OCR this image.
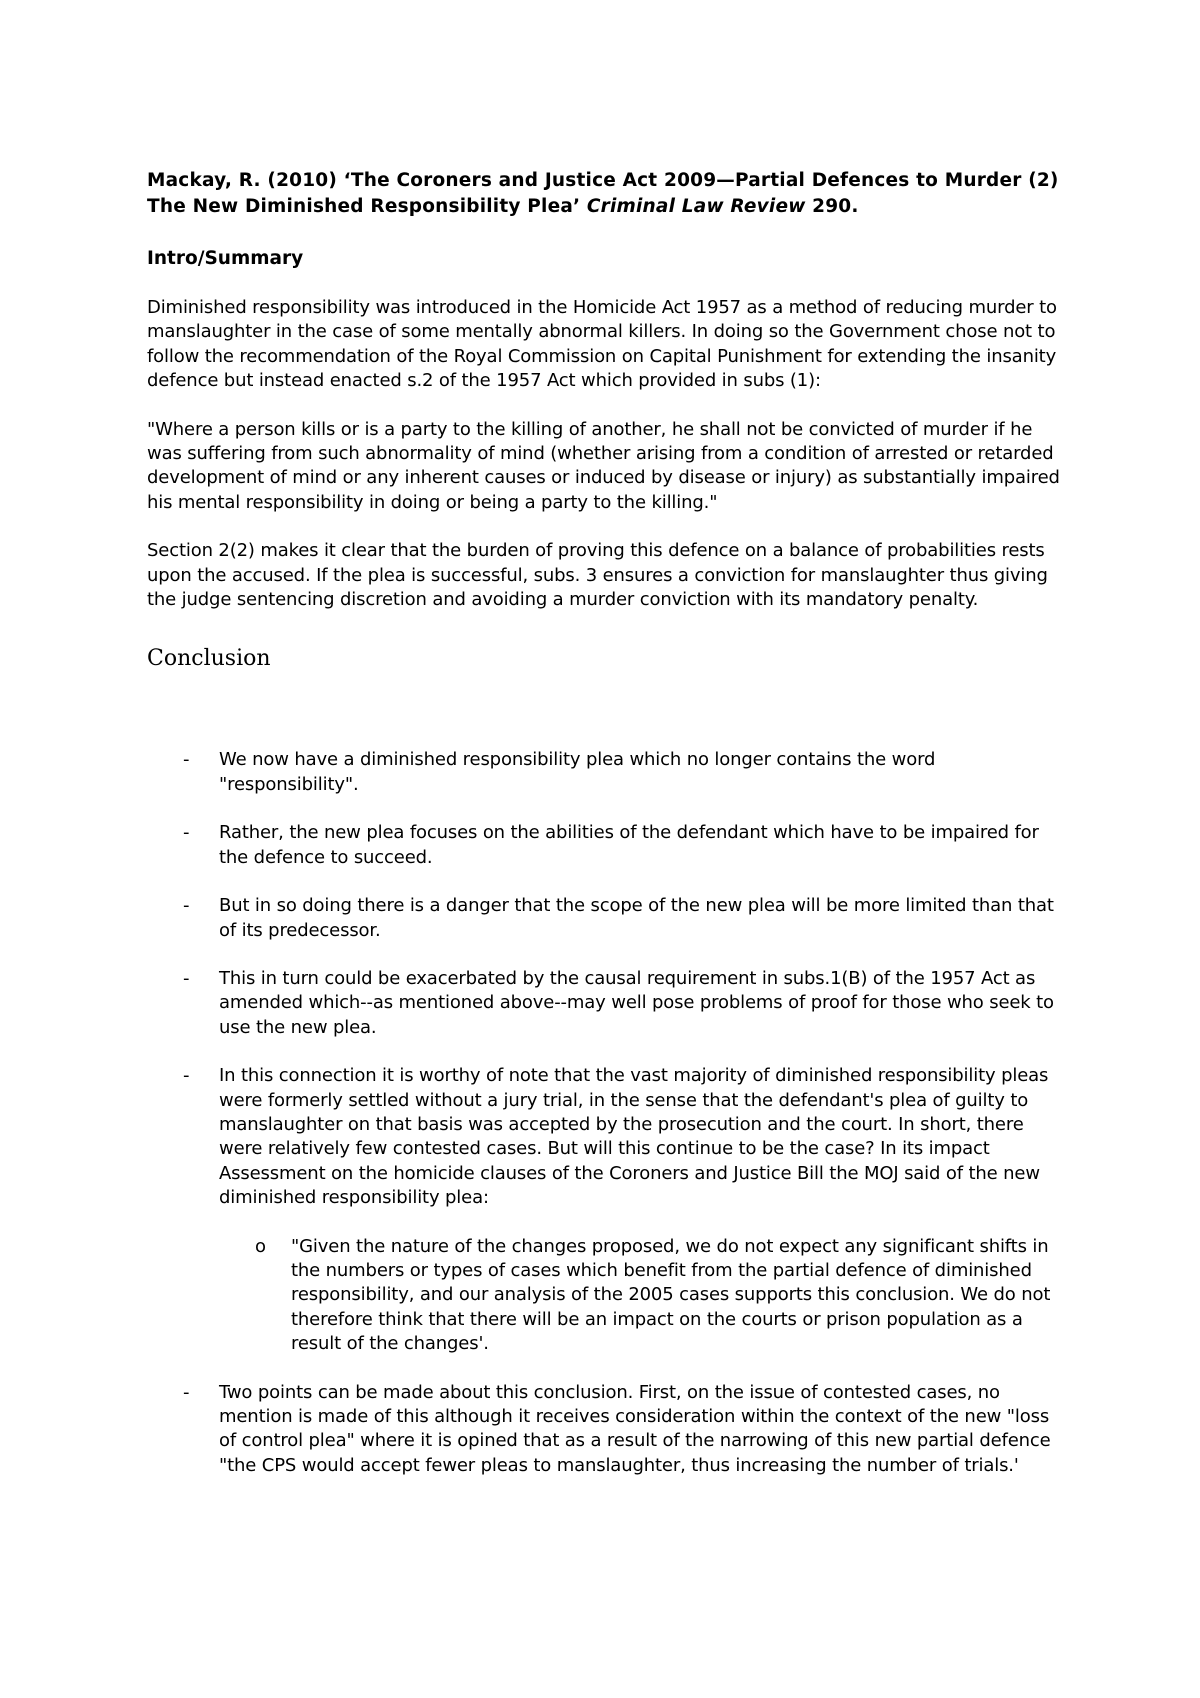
Mackay, R. (2010) ‘The Coroners and Justice Act 2009—Partial Defences to Murder (2) The New Diminished Responsibility Plea’ Criminal Law Review 290.

Intro/Summary

Diminished responsibility was introduced in the Homicide Act 1957 as a method of reducing murder to manslaughter in the case of some mentally abnormal killers. In doing so the Government chose not to follow the recommendation of the Royal Commission on Capital Punishment for extending the insanity defence but instead enacted s.2 of the 1957 Act which provided in subs (1):

"Where a person kills or is a party to the killing of another, he shall not be convicted of murder if he was suffering from such abnormality of mind (whether arising from a condition of arrested or retarded development of mind or any inherent causes or induced by disease or injury) as substantially impaired his mental responsibility in doing or being a party to the killing."

Section 2(2) makes it clear that the burden of proving this defence on a balance of probabilities rests upon the accused. If the plea is successful, subs. 3 ensures a conviction for manslaughter thus giving the judge sentencing discretion and avoiding a murder conviction with its mandatory penalty.

Conclusion
- We now have a diminished responsibility plea which no longer contains the word "responsibility".
- Rather, the new plea focuses on the abilities of the defendant which have to be impaired for the defence to succeed.
- But in so doing there is a danger that the scope of the new plea will be more limited than that of its predecessor.
- This in turn could be exacerbated by the causal requirement in subs.1(B) of the 1957 Act as amended which--as mentioned above--may well pose problems of proof for those who seek to use the new plea.
- In this connection it is worthy of note that the vast majority of diminished responsibility pleas were formerly settled without a jury trial, in the sense that the defendant's plea of guilty to manslaughter on that basis was accepted by the prosecution and the court. In short, there were relatively few contested cases. But will this continue to be the case? In its impact Assessment on the homicide clauses of the Coroners and Justice Bill the MOJ said of the new diminished responsibility plea:
o "Given the nature of the changes proposed, we do not expect any significant shifts in the numbers or types of cases which benefit from the partial defence of diminished responsibility, and our analysis of the 2005 cases supports this conclusion. We do not therefore think that there will be an impact on the courts or prison population as a result of the changes'.
- Two points can be made about this conclusion. First, on the issue of contested cases, no mention is made of this although it receives consideration within the context of the new "loss of control plea" where it is opined that as a result of the narrowing of this new partial defence "the CPS would accept fewer pleas to manslaughter, thus increasing the number of trials.'
